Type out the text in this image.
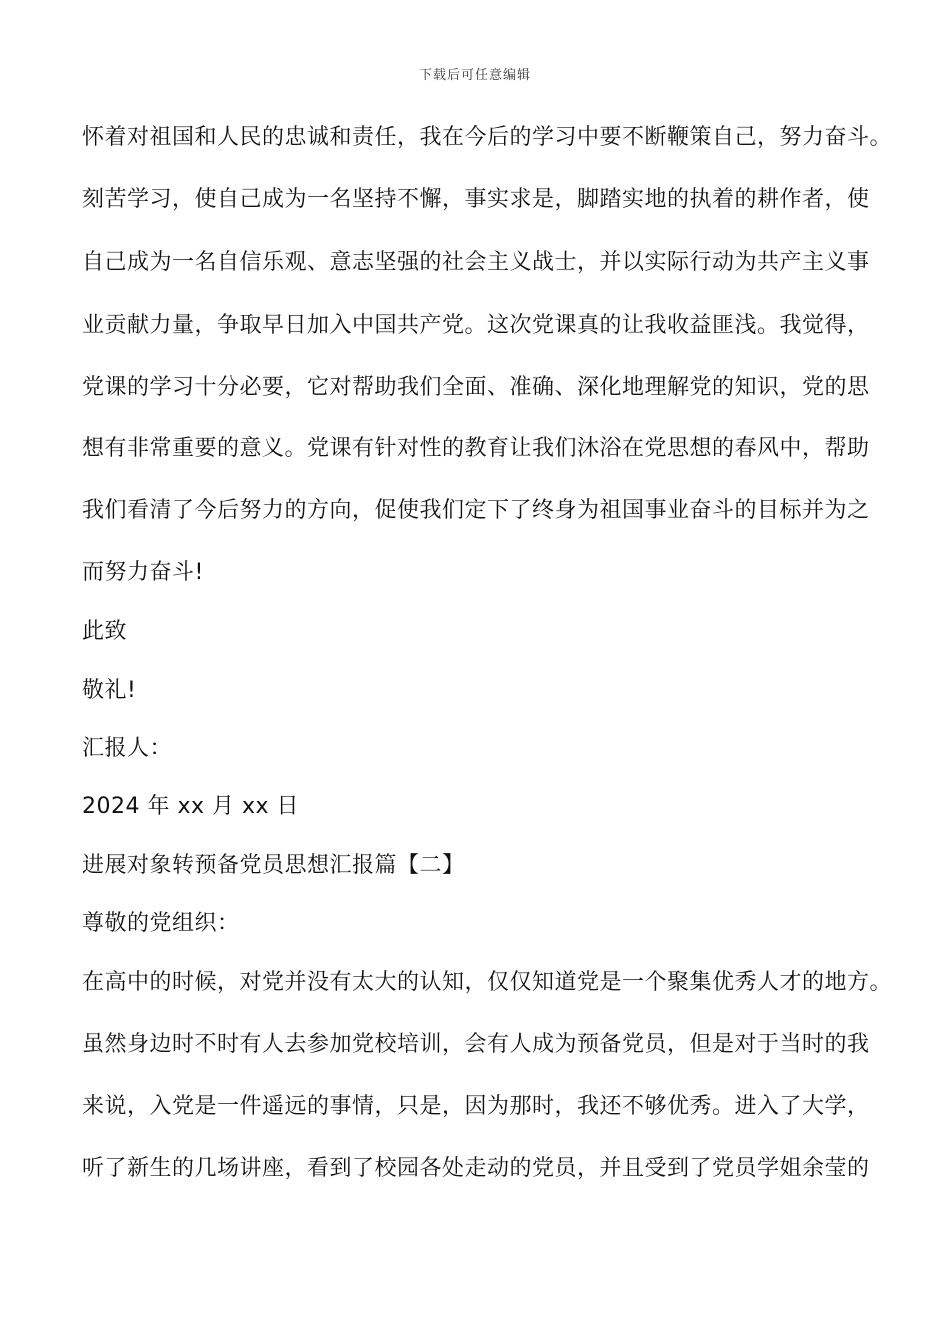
下载后可任意编辑
怀着对祖国和人民的忠诚和责任，我在今后的学习中要不断鞭策自己，努力奋斗。
刻苦学习，使自己成为一名坚持不懈，事实求是，脚踏实地的执着的耕作者，使
自己成为一名自信乐观、意志坚强的社会主义战士，并以实际行动为共产主义事
业贡献力量，争取早日加入中国共产党。这次党课真的让我收益匪浅。我觉得，
党课的学习十分必要，它对帮助我们全面、准确、深化地理解党的知识，党的思
想有非常重要的意义。党课有针对性的教育让我们沐浴在党思想的春风中，帮助
我们看清了今后努力的方向，促使我们定下了终身为祖国事业奋斗的目标并为之
而努力奋斗!
此致
敬礼!
汇报人：
2024 年 xx 月 xx 日
进展对象转预备党员思想汇报篇【二】
尊敬的党组织：
在高中的时候，对党并没有太大的认知，仅仅知道党是一个聚集优秀人才的地方。
虽然身边时不时有人去参加党校培训，会有人成为预备党员，但是对于当时的我
来说，入党是一件遥远的事情，只是，因为那时，我还不够优秀。进入了大学，
听了新生的几场讲座，看到了校园各处走动的党员，并且受到了党员学姐余莹的
